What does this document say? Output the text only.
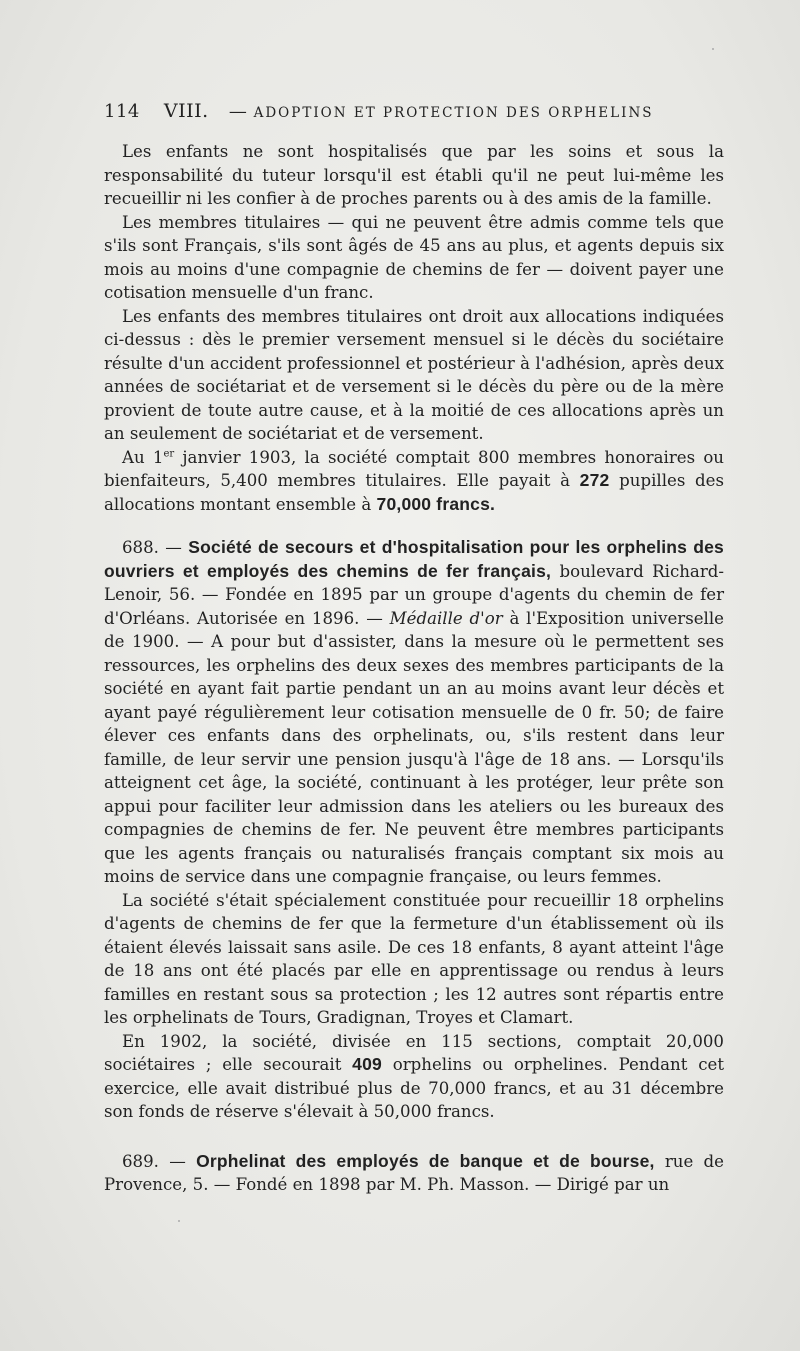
114 VIII. — ADOPTION ET PROTECTION DES ORPHELINS

Les enfants ne sont hospitalisés que par les soins et sous la responsabilité du tuteur lorsqu'il est établi qu'il ne peut lui-même les recueillir ni les confier à de proches parents ou à des amis de la famille.

Les membres titulaires — qui ne peuvent être admis comme tels que s'ils sont Français, s'ils sont âgés de 45 ans au plus, et agents depuis six mois au moins d'une compagnie de chemins de fer — doivent payer une cotisation mensuelle d'un franc.

Les enfants des membres titulaires ont droit aux allocations indiquées ci-dessus : dès le premier versement mensuel si le décès du sociétaire résulte d'un accident professionnel et postérieur à l'adhésion, après deux années de sociétariat et de versement si le décès du père ou de la mère provient de toute autre cause, et à la moitié de ces allocations après un an seulement de sociétariat et de versement.

Au 1er janvier 1903, la société comptait 800 membres honoraires ou bienfaiteurs, 5,400 membres titulaires. Elle payait à 272 pupilles des allocations montant ensemble à 70,000 francs.

688. — Société de secours et d'hospitalisation pour les orphelins des ouvriers et employés des chemins de fer français, boulevard Richard-Lenoir, 56. — Fondée en 1895 par un groupe d'agents du chemin de fer d'Orléans. Autorisée en 1896. — Médaille d'or à l'Exposition universelle de 1900. — A pour but d'assister, dans la mesure où le permettent ses ressources, les orphelins des deux sexes des membres participants de la société en ayant fait partie pendant un an au moins avant leur décès et ayant payé régulièrement leur cotisation mensuelle de 0 fr. 50; de faire élever ces enfants dans des orphelinats, ou, s'ils restent dans leur famille, de leur servir une pension jusqu'à l'âge de 18 ans. — Lorsqu'ils atteignent cet âge, la société, continuant à les protéger, leur prête son appui pour faciliter leur admission dans les ateliers ou les bureaux des compagnies de chemins de fer. Ne peuvent être membres participants que les agents français ou naturalisés français comptant six mois au moins de service dans une compagnie française, ou leurs femmes.

La société s'était spécialement constituée pour recueillir 18 orphelins d'agents de chemins de fer que la fermeture d'un établissement où ils étaient élevés laissait sans asile. De ces 18 enfants, 8 ayant atteint l'âge de 18 ans ont été placés par elle en apprentissage ou rendus à leurs familles en restant sous sa protection ; les 12 autres sont répartis entre les orphelinats de Tours, Gradignan, Troyes et Clamart.

En 1902, la société, divisée en 115 sections, comptait 20,000 sociétaires ; elle secourait 409 orphelins ou orphelines. Pendant cet exercice, elle avait distribué plus de 70,000 francs, et au 31 décembre son fonds de réserve s'élevait à 50,000 francs.

689. — Orphelinat des employés de banque et de bourse, rue de Provence, 5. — Fondé en 1898 par M. Ph. Masson. — Dirigé par un
